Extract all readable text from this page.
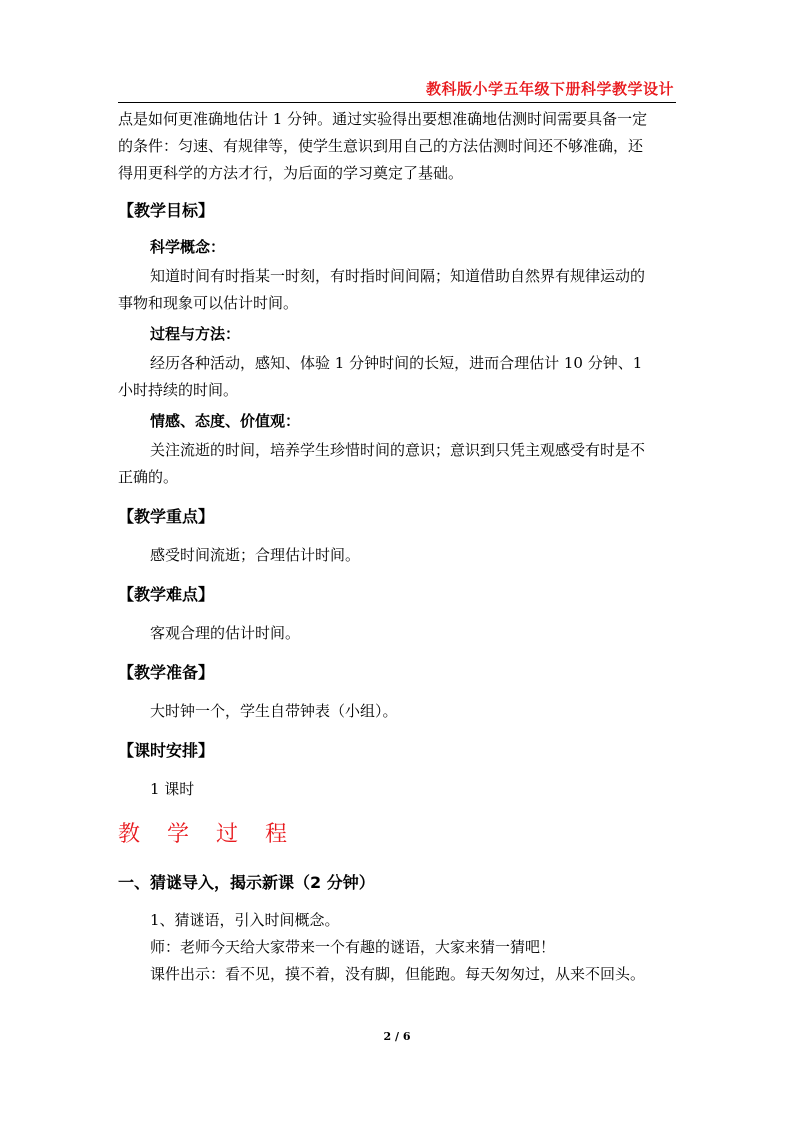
教科版小学五年级下册科学教学设计

点是如何更准确地估计 1 分钟。通过实验得出要想准确地估测时间需要具备一定

的条件：匀速、有规律等，使学生意识到用自己的方法估测时间还不够准确，还

得用更科学的方法才行，为后面的学习奠定了基础。

【教学目标】

科学概念：

知道时间有时指某一时刻，有时指时间间隔；知道借助自然界有规律运动的

事物和现象可以估计时间。

过程与方法：

经历各种活动，感知、体验 1 分钟时间的长短，进而合理估计 10 分钟、1

小时持续的时间。

情感、态度、价值观：

关注流逝的时间，培养学生珍惜时间的意识；意识到只凭主观感受有时是不

正确的。

【教学重点】

感受时间流逝；合理估计时间。

【教学难点】

客观合理的估计时间。

【教学准备】

大时钟一个，学生自带钟表（小组）。

【课时安排】

1 课时

教 学 过 程

一、猜谜导入，揭示新课（2 分钟）

1、猜谜语，引入时间概念。

师：老师今天给大家带来一个有趣的谜语，大家来猜一猜吧！

课件出示：看不见，摸不着，没有脚，但能跑。每天匆匆过，从来不回头。

2 / 6
